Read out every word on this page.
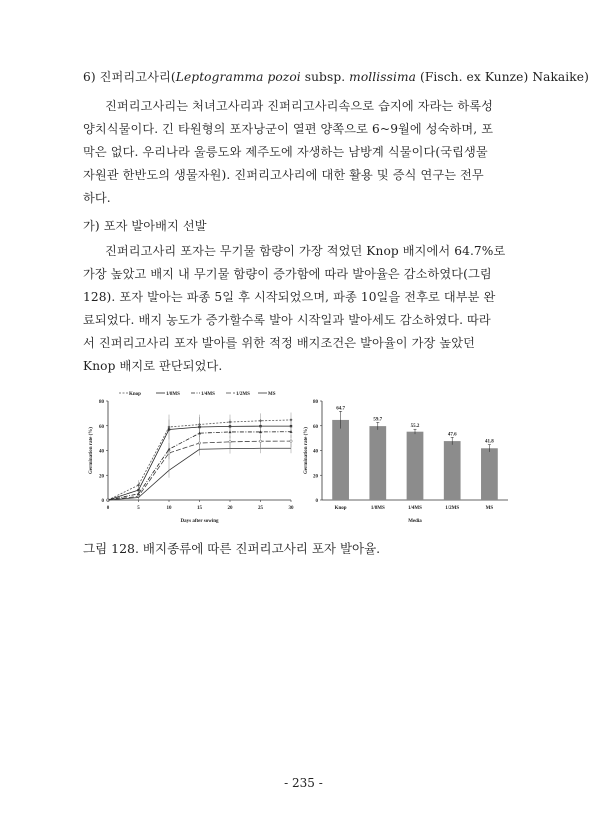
6) 진퍼리고사리(Leptogramma pozoi subsp. mollissima (Fisch. ex Kunze) Nakaike)
진퍼리고사리는 처녀고사리과 진퍼리고사리속으로 습지에 자라는 하록성
양치식물이다. 긴 타원형의 포자낭군이 열편 양쪽으로 6~9월에 성숙하며, 포
막은 없다. 우리나라 울릉도와 제주도에 자생하는 남방계 식물이다(국립생물
자원관 한반도의 생물자원). 진퍼리고사리에 대한 활용 및 증식 연구는 전무
하다.
가) 포자 발아배지 선발
진퍼리고사리 포자는 무기물 함량이 가장 적었던 Knop 배지에서 64.7%로
가장 높았고 배지 내 무기물 함량이 증가함에 따라 발아율은 감소하였다(그림
128). 포자 발아는 파종 5일 후 시작되었으며, 파종 10일을 전후로 대부분 완
료되었다. 배지 농도가 증가할수록 발아 시작일과 발아세도 감소하였다. 따라
서 진퍼리고사리 포자 발아를 위한 적정 배지조건은 발아율이 가장 높았던
Knop 배지로 판단되었다.
0
20
40
60
80
0	5	10	15	20	25	30
Days after sowing
Germination rate (%)
Knop	1/8MS	1/4MS	1/2MS	MS
0
20
40
60
80
Germination rate (%)
Media
64.7
Knop
59.7
1/8MS
55.2
1/4MS
47.6
1/2MS
41.8
MS
그림 128. 배지종류에 따른 진퍼리고사리 포자 발아율.
- 235 -
